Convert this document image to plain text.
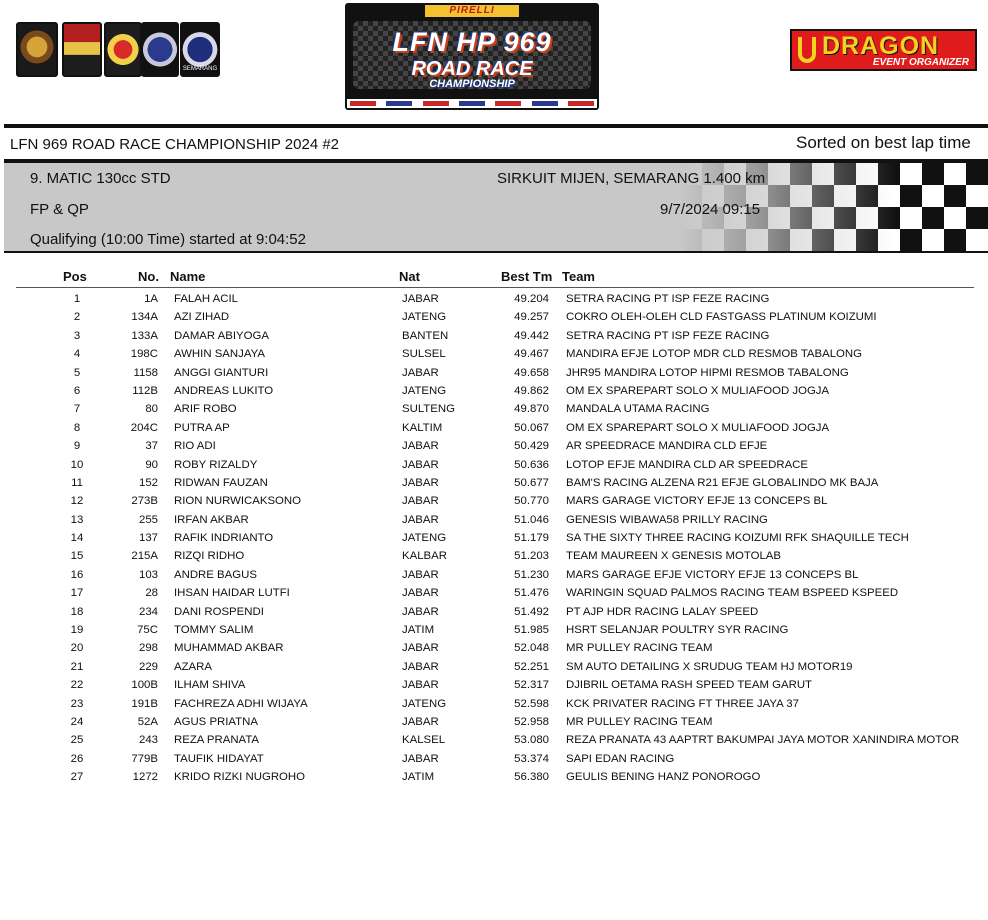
SEMARANG
PIRELLI
LFN HP 969
ROAD RACE
CHAMPIONSHIP
DRAGON
EVENT ORGANIZER
LFN 969 ROAD RACE CHAMPIONSHIP 2024 #2	Sorted on best lap time
9. MATIC 130cc STD	SIRKUIT MIJEN, SEMARANG 1.400 km
FP & QP	9/7/2024 09:15
Qualifying (10:00 Time) started at 9:04:52
Pos	No. Name	Nat	Best Tm Team
1	1A FALAH ACIL	JABAR	49.204 SETRA RACING PT ISP FEZE RACING
2	134A AZI ZIHAD	JATENG	49.257 COKRO OLEH-OLEH CLD FASTGASS PLATINUM KOIZUMI
3	133A DAMAR ABIYOGA	BANTEN	49.442 SETRA RACING PT ISP FEZE RACING
4	198C AWHIN SANJAYA	SULSEL	49.467 MANDIRA EFJE LOTOP MDR CLD RESMOB TABALONG
5	1158 ANGGI GIANTURI	JABAR	49.658 JHR95 MANDIRA LOTOP HIPMI RESMOB TABALONG
6	112B ANDREAS LUKITO	JATENG	49.862 OM EX SPAREPART SOLO X MULIAFOOD JOGJA
7	80 ARIF ROBO	SULTENG	49.870 MANDALA UTAMA RACING
8	204C PUTRA AP	KALTIM	50.067 OM EX SPAREPART SOLO X MULIAFOOD JOGJA
9	37 RIO ADI	JABAR	50.429 AR SPEEDRACE MANDIRA CLD EFJE
10	90 ROBY RIZALDY	JABAR	50.636 LOTOP EFJE MANDIRA CLD AR SPEEDRACE
11	152 RIDWAN FAUZAN	JABAR	50.677 BAM'S RACING ALZENA R21 EFJE GLOBALINDO MK BAJA
12	273B RION NURWICAKSONO	JABAR	50.770 MARS GARAGE VICTORY EFJE 13 CONCEPS BL
13	255 IRFAN AKBAR	JABAR	51.046 GENESIS WIBAWA58 PRILLY RACING
14	137 RAFIK INDRIANTO	JATENG	51.179 SA THE SIXTY THREE RACING KOIZUMI RFK SHAQUILLE TECH
15	215A RIZQI RIDHO	KALBAR	51.203 TEAM MAUREEN X GENESIS MOTOLAB
16	103 ANDRE BAGUS	JABAR	51.230 MARS GARAGE EFJE VICTORY EFJE 13 CONCEPS BL
17	28 IHSAN HAIDAR LUTFI	JABAR	51.476 WARINGIN SQUAD PALMOS RACING TEAM BSPEED KSPEED
18	234 DANI ROSPENDI	JABAR	51.492 PT AJP HDR RACING LALAY SPEED
19	75C TOMMY SALIM	JATIM	51.985 HSRT SELANJAR POULTRY SYR RACING
20	298 MUHAMMAD AKBAR	JABAR	52.048 MR PULLEY RACING TEAM
21	229 AZARA	JABAR	52.251 SM AUTO DETAILING X SRUDUG TEAM HJ MOTOR19
22	100B ILHAM SHIVA	JABAR	52.317 DJIBRIL OETAMA RASH SPEED TEAM GARUT
23	191B FACHREZA ADHI WIJAYA	JATENG	52.598 KCK PRIVATER RACING FT THREE JAYA 37
24	52A AGUS PRIATNA	JABAR	52.958 MR PULLEY RACING TEAM
25	243 REZA PRANATA	KALSEL	53.080 REZA PRANATA 43 AAPTRT BAKUMPAI JAYA MOTOR XANINDIRA MOTOR
26	779B TAUFIK HIDAYAT	JABAR	53.374 SAPI EDAN RACING
27	1272 KRIDO RIZKI NUGROHO	JATIM	56.380 GEULIS BENING HANZ PONOROGO
